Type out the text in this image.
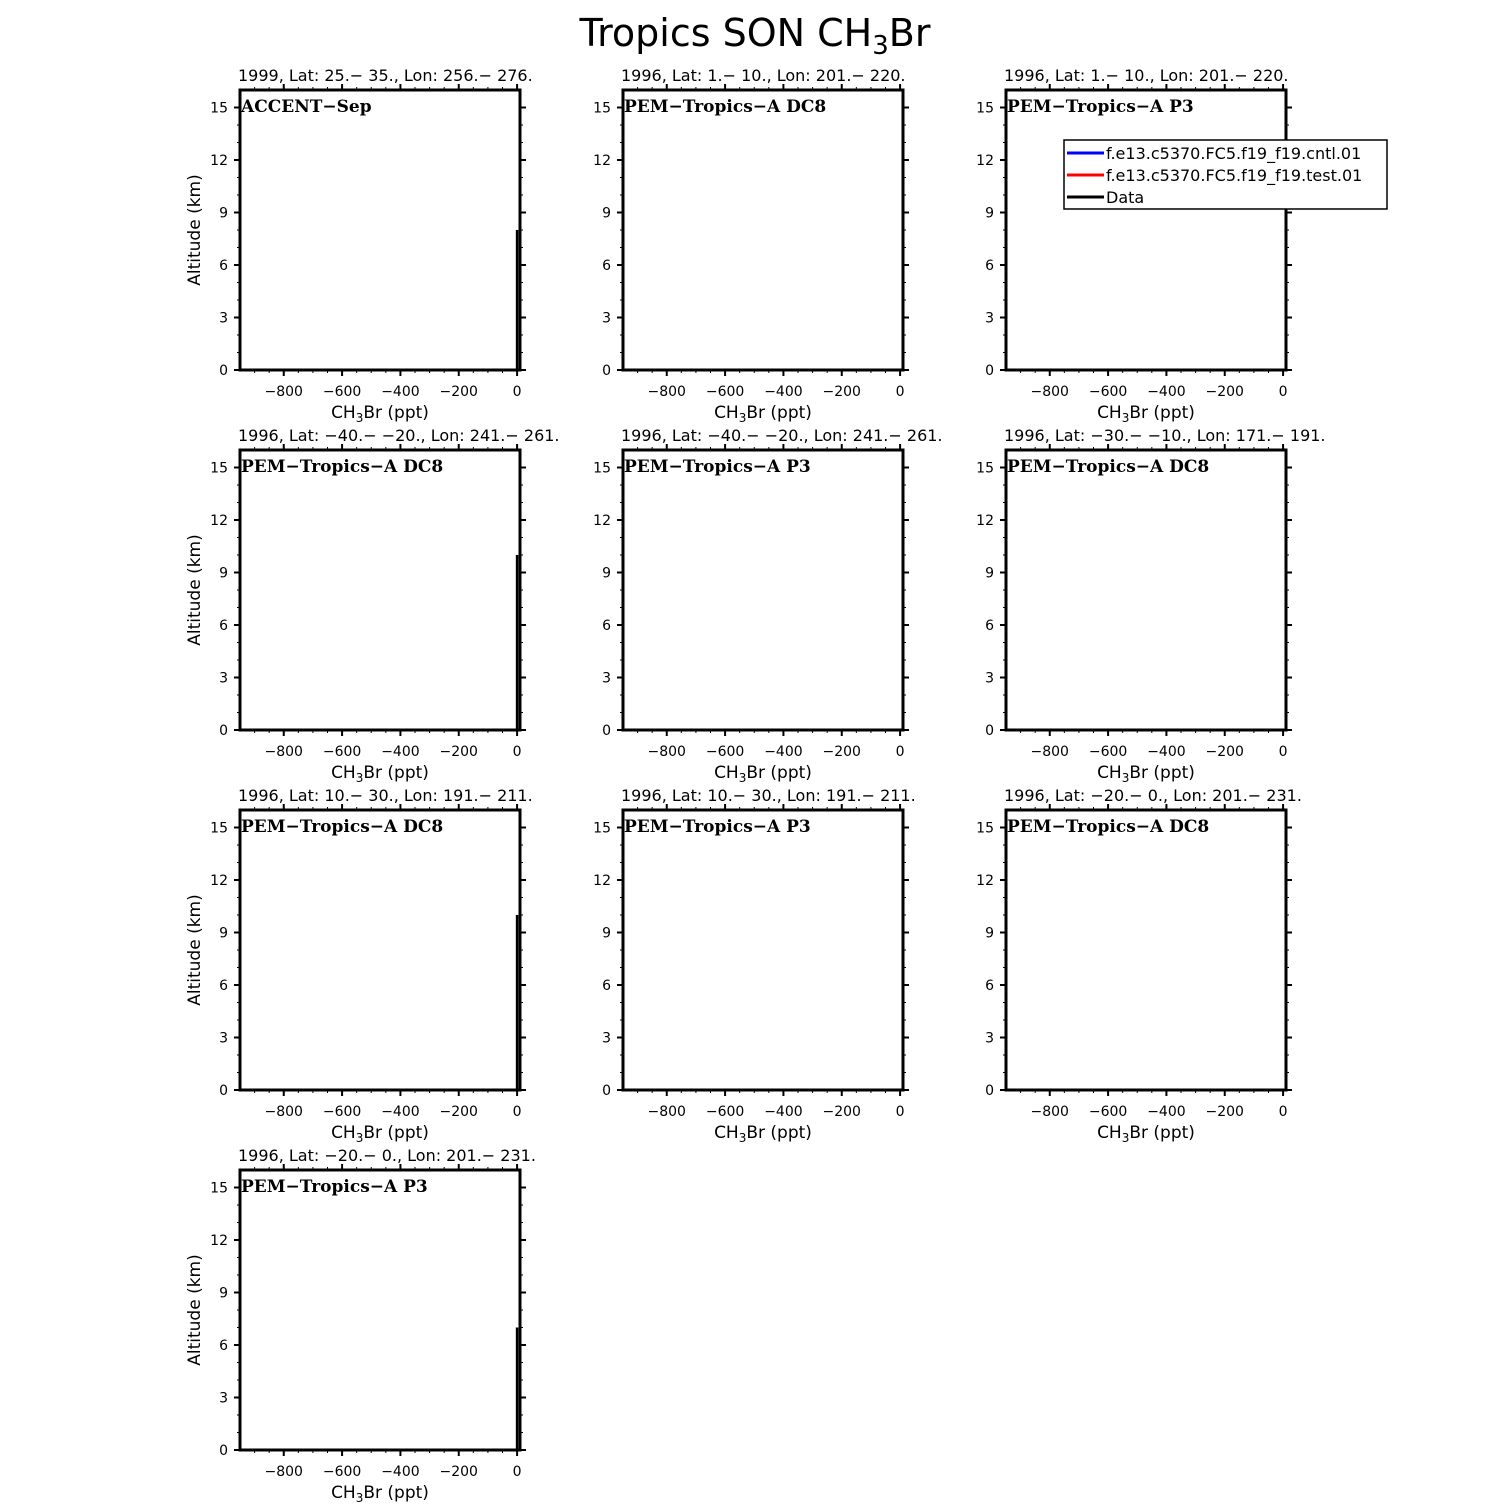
Tropics SON $CH_3Br$
1999, Lat: 25.− 35., Lon: 256.− 276.
0
3
6
9
12
15
−800 −600 −400 −200 0
ACCENT−Sep
$CH_3Br$ (ppt)
Altitude (km)
1996, Lat: 1.− 10., Lon: 201.− 220.
0
3
6
9
12
15
−800 −600 −400 −200 0
PEM−Tropics−A DC8
$CH_3Br$ (ppt)
1996, Lat: 1.− 10., Lon: 201.− 220.
0
3
6
9
12
15
−800 −600 −400 −200 0
PEM−Tropics−A P3
$CH_3Br$ (ppt)
1996, Lat: −40.− −20., Lon: 241.− 261.
0
3
6
9
12
15
−800 −600 −400 −200 0
PEM−Tropics−A DC8
$CH_3Br$ (ppt)
Altitude (km)
1996, Lat: −40.− −20., Lon: 241.− 261.
0
3
6
9
12
15
−800 −600 −400 −200 0
PEM−Tropics−A P3
$CH_3Br$ (ppt)
1996, Lat: −30.− −10., Lon: 171.− 191.
0
3
6
9
12
15
−800 −600 −400 −200 0
PEM−Tropics−A DC8
$CH_3Br$ (ppt)
1996, Lat: 10.− 30., Lon: 191.− 211.
0
3
6
9
12
15
−800 −600 −400 −200 0
PEM−Tropics−A DC8
$CH_3Br$ (ppt)
Altitude (km)
1996, Lat: 10.− 30., Lon: 191.− 211.
0
3
6
9
12
15
−800 −600 −400 −200 0
PEM−Tropics−A P3
$CH_3Br$ (ppt)
1996, Lat: −20.− 0., Lon: 201.− 231.
0
3
6
9
12
15
−800 −600 −400 −200 0
PEM−Tropics−A DC8
$CH_3Br$ (ppt)
1996, Lat: −20.− 0., Lon: 201.− 231.
0
3
6
9
12
15
−800 −600 −400 −200 0
PEM−Tropics−A P3
$CH_3Br$ (ppt)
Altitude (km)
f.e13.c5370.FC5.f19_f19.cntl.01
f.e13.c5370.FC5.f19_f19.test.01
Data
